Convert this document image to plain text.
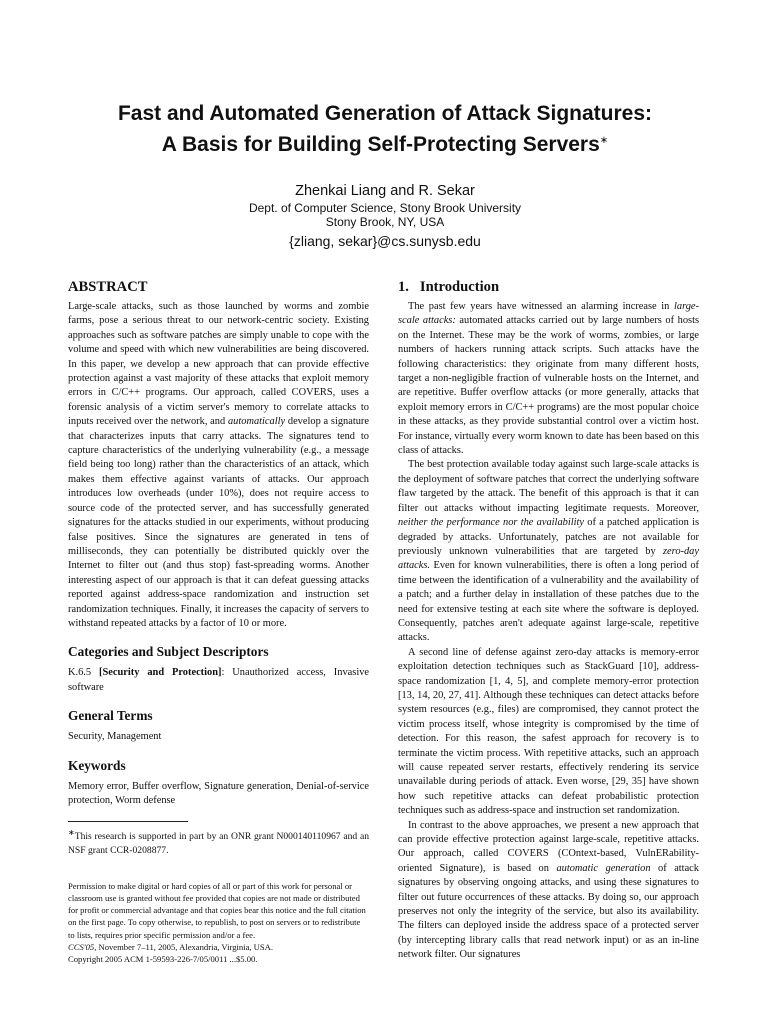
Fast and Automated Generation of Attack Signatures:
A Basis for Building Self-Protecting Servers∗
Zhenkai Liang and R. Sekar
Dept. of Computer Science, Stony Brook University
Stony Brook, NY, USA
{zliang, sekar}@cs.sunysb.edu
ABSTRACT

Large-scale attacks, such as those launched by worms and zombie farms, pose a serious threat to our network-centric society. Existing approaches such as software patches are simply unable to cope with the volume and speed with which new vulnerabilities are being discovered. In this paper, we develop a new approach that can provide effective protection against a vast majority of these attacks that exploit memory errors in C/C++ programs. Our approach, called COVERS, uses a forensic analysis of a victim server's memory to correlate attacks to inputs received over the network, and automatically develop a signature that characterizes inputs that carry attacks. The signatures tend to capture characteristics of the underlying vulnerability (e.g., a message field being too long) rather than the characteristics of an attack, which makes them effective against variants of attacks. Our approach introduces low overheads (under 10%), does not require access to source code of the protected server, and has successfully generated signatures for the attacks studied in our experiments, without producing false positives. Since the signatures are generated in tens of milliseconds, they can potentially be distributed quickly over the Internet to filter out (and thus stop) fast-spreading worms. Another interesting aspect of our approach is that it can defeat guessing attacks reported against address-space randomization and instruction set randomization techniques. Finally, it increases the capacity of servers to withstand repeated attacks by a factor of 10 or more.

Categories and Subject Descriptors

K.6.5 [Security and Protection]: Unauthorized access, Invasive software

General Terms

Security, Management

Keywords

Memory error, Buffer overflow, Signature generation, Denial-of-service protection, Worm defense

∗This research is supported in part by an ONR grant N000140110967 and an NSF grant CCR-0208877.

Permission to make digital or hard copies of all or part of this work for personal or classroom use is granted without fee provided that copies are not made or distributed for profit or commercial advantage and that copies bear this notice and the full citation on the first page. To copy otherwise, to republish, to post on servers or to redistribute to lists, requires prior specific permission and/or a fee.

CCS'05, November 7–11, 2005, Alexandria, Virginia, USA.
Copyright 2005 ACM 1-59593-226-7/05/0011 ...$5.00.
1.   Introduction

The past few years have witnessed an alarming increase in large-scale attacks: automated attacks carried out by large numbers of hosts on the Internet. These may be the work of worms, zombies, or large numbers of hackers running attack scripts. Such attacks have the following characteristics: they originate from many different hosts, target a non-negligible fraction of vulnerable hosts on the Internet, and are repetitive. Buffer overflow attacks (or more generally, attacks that exploit memory errors in C/C++ programs) are the most popular choice in these attacks, as they provide substantial control over a victim host. For instance, virtually every worm known to date has been based on this class of attacks.

The best protection available today against such large-scale attacks is the deployment of software patches that correct the underlying software flaw targeted by the attack. The benefit of this approach is that it can filter out attacks without impacting legitimate requests. Moreover, neither the performance nor the availability of a patched application is degraded by attacks. Unfortunately, patches are not available for previously unknown vulnerabilities that are targeted by zero-day attacks. Even for known vulnerabilities, there is often a long period of time between the identification of a vulnerability and the availability of a patch; and a further delay in installation of these patches due to the need for extensive testing at each site where the software is deployed. Consequently, patches aren't adequate against large-scale, repetitive attacks.

A second line of defense against zero-day attacks is memory-error exploitation detection techniques such as StackGuard [10], address-space randomization [1, 4, 5], and complete memory-error protection [13, 14, 20, 27, 41]. Although these techniques can detect attacks before system resources (e.g., files) are compromised, they cannot protect the victim process itself, whose integrity is compromised by the time of detection. For this reason, the safest approach for recovery is to terminate the victim process. With repetitive attacks, such an approach will cause repeated server restarts, effectively rendering its service unavailable during periods of attack. Even worse, [29, 35] have shown how such repetitive attacks can defeat probabilistic protection techniques such as address-space and instruction set randomization.

In contrast to the above approaches, we present a new approach that can provide effective protection against large-scale, repetitive attacks. Our approach, called COVERS (COntext-based, VulnERability-oriented Signature), is based on automatic generation of attack signatures by observing ongoing attacks, and using these signatures to filter out future occurrences of these attacks. By doing so, our approach preserves not only the integrity of the service, but also its availability. The filters can deployed inside the address space of a protected server (by intercepting library calls that read network input) or as an in-line network filter. Our signatures
